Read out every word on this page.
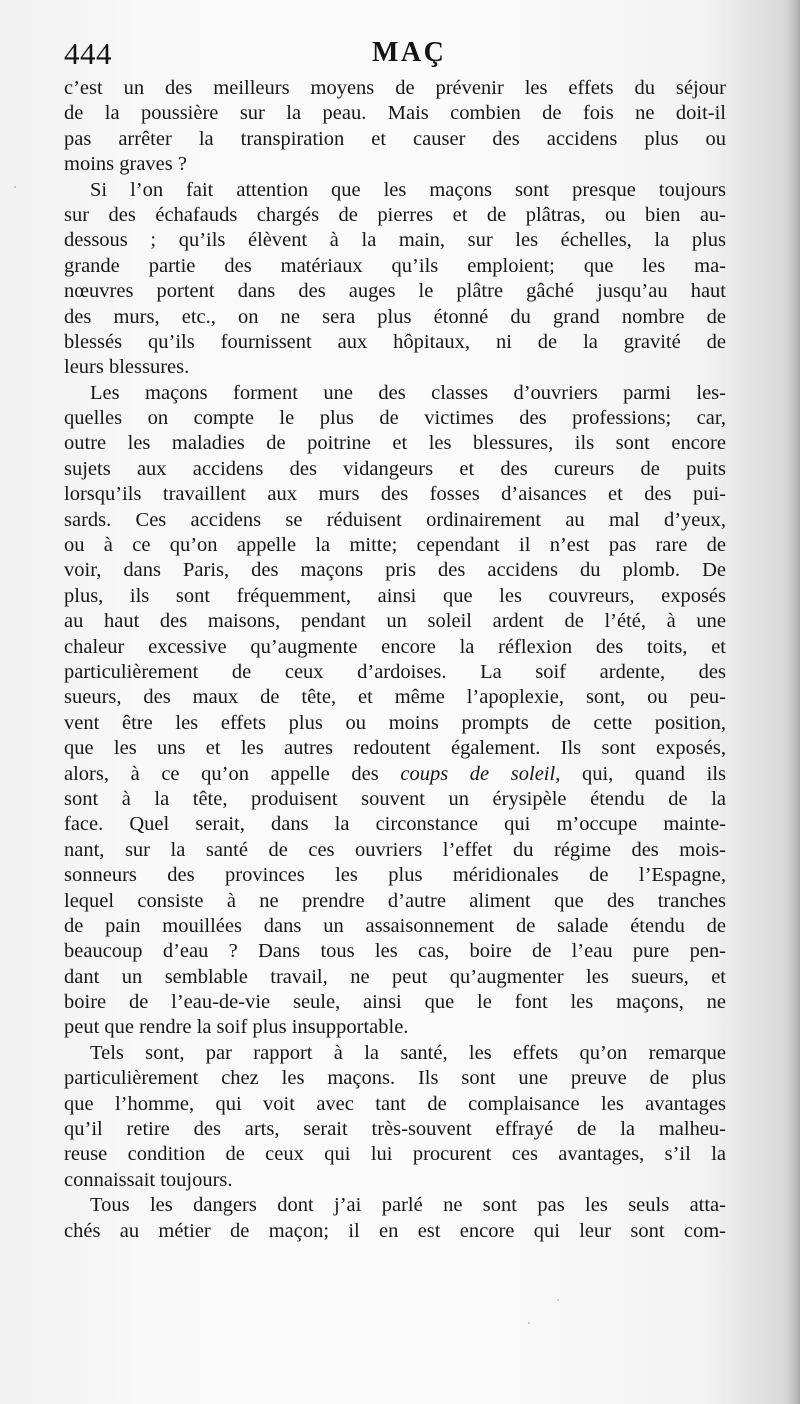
444	MAÇ
c’est un des meilleurs moyens de prévenir les effets du séjour
de la poussière sur la peau. Mais combien de fois ne doit-il
pas arrêter la transpiration et causer des accidens plus ou
moins graves ?
Si l’on fait attention que les maçons sont presque toujours
sur des échafauds chargés de pierres et de plâtras, ou bien au-
dessous ; qu’ils élèvent à la main, sur les échelles, la plus
grande partie des matériaux qu’ils emploient; que les ma-
nœuvres portent dans des auges le plâtre gâché jusqu’au haut
des murs, etc., on ne sera plus étonné du grand nombre de
blessés qu’ils fournissent aux hôpitaux, ni de la gravité de
leurs blessures.
Les maçons forment une des classes d’ouvriers parmi les-
quelles on compte le plus de victimes des professions; car,
outre les maladies de poitrine et les blessures, ils sont encore
sujets aux accidens des vidangeurs et des cureurs de puits
lorsqu’ils travaillent aux murs des fosses d’aisances et des pui-
sards. Ces accidens se réduisent ordinairement au mal d’yeux,
ou à ce qu’on appelle la mitte; cependant il n’est pas rare de
voir, dans Paris, des maçons pris des accidens du plomb. De
plus, ils sont fréquemment, ainsi que les couvreurs, exposés
au haut des maisons, pendant un soleil ardent de l’été, à une
chaleur excessive qu’augmente encore la réflexion des toits, et
particulièrement de ceux d’ardoises. La soif ardente, des
sueurs, des maux de tête, et même l’apoplexie, sont, ou peu-
vent être les effets plus ou moins prompts de cette position,
que les uns et les autres redoutent également. Ils sont exposés,
alors, à ce qu’on appelle des coups de soleil, qui, quand ils
sont à la tête, produisent souvent un érysipèle étendu de la
face. Quel serait, dans la circonstance qui m’occupe mainte-
nant, sur la santé de ces ouvriers l’effet du régime des mois-
sonneurs des provinces les plus méridionales de l’Espagne,
lequel consiste à ne prendre d’autre aliment que des tranches
de pain mouillées dans un assaisonnement de salade étendu de
beaucoup d’eau ? Dans tous les cas, boire de l’eau pure pen-
dant un semblable travail, ne peut qu’augmenter les sueurs, et
boire de l’eau-de-vie seule, ainsi que le font les maçons, ne
peut que rendre la soif plus insupportable.
Tels sont, par rapport à la santé, les effets qu’on remarque
particulièrement chez les maçons. Ils sont une preuve de plus
que l’homme, qui voit avec tant de complaisance les avantages
qu’il retire des arts, serait très-souvent effrayé de la malheu-
reuse condition de ceux qui lui procurent ces avantages, s’il la
connaissait toujours.
Tous les dangers dont j’ai parlé ne sont pas les seuls atta-
chés au métier de maçon; il en est encore qui leur sont com-
